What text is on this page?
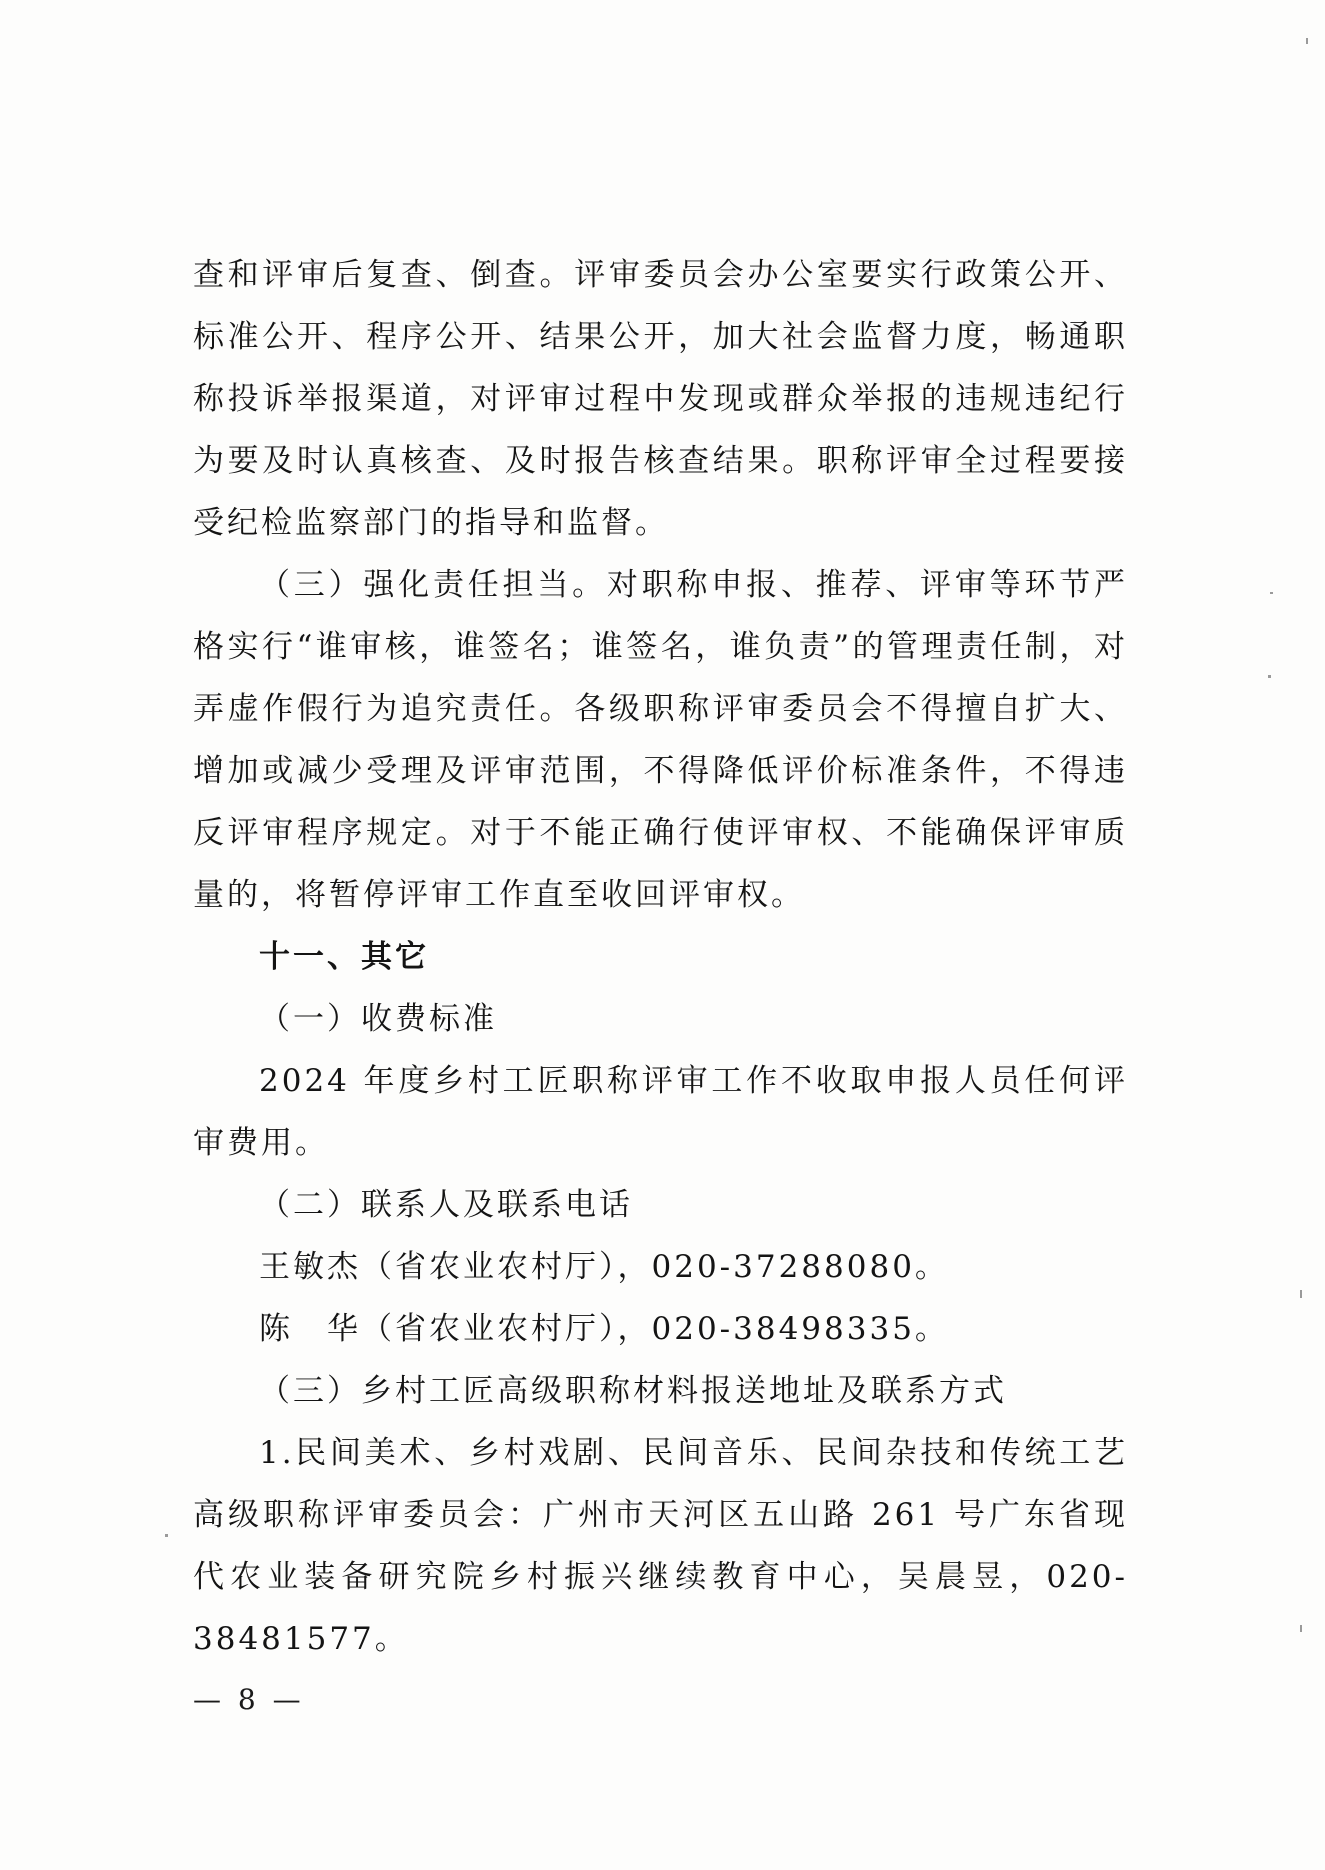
查和评审后复查、倒查。评审委员会办公室要实行政策公开、标准公开、程序公开、结果公开，加大社会监督力度，畅通职称投诉举报渠道，对评审过程中发现或群众举报的违规违纪行为要及时认真核查、及时报告核查结果。职称评审全过程要接受纪检监察部门的指导和监督。

（三）强化责任担当。对职称申报、推荐、评审等环节严格实行“谁审核，谁签名；谁签名，谁负责”的管理责任制，对弄虚作假行为追究责任。各级职称评审委员会不得擅自扩大、增加或减少受理及评审范围，不得降低评价标准条件，不得违反评审程序规定。对于不能正确行使评审权、不能确保评审质量的，将暂停评审工作直至收回评审权。

十一、其它

（一）收费标准

2024 年度乡村工匠职称评审工作不收取申报人员任何评审费用。

（二）联系人及联系电话

王敏杰（省农业农村厅），020-37288080。

陈　华（省农业农村厅），020-38498335。

（三）乡村工匠高级职称材料报送地址及联系方式

1.民间美术、乡村戏剧、民间音乐、民间杂技和传统工艺高级职称评审委员会：广州市天河区五山路 261 号广东省现代农业装备研究院乡村振兴继续教育中心，吴晨昱，020-38481577。

— 8 —
